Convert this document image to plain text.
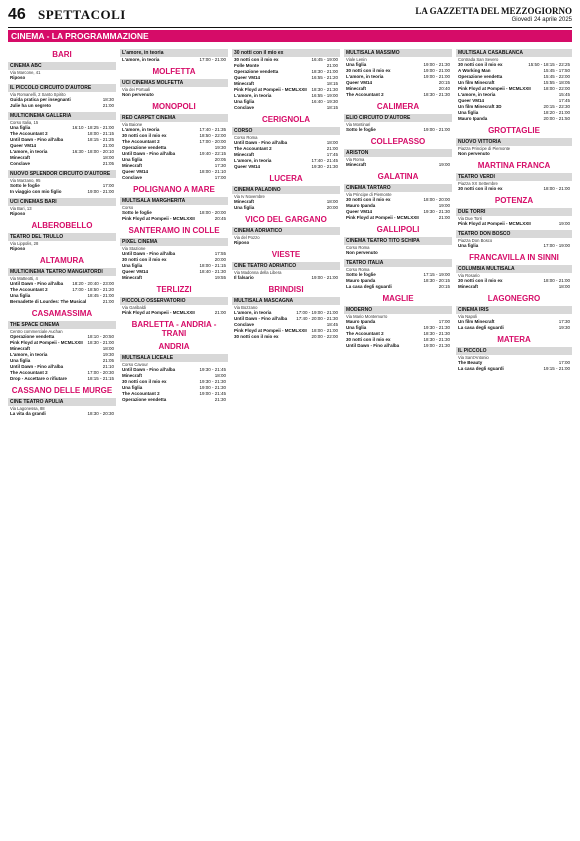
46 SPETTACOLI	LA GAZZETTA DEL MEZZOGIORNO
Giovedì 24 aprile 2025
CINEMA - LA PROGRAMMAZIONE
BARI
CINEMA ABC
Via Marcone, 41
Riposo
IL PICCOLO CIRCUITO D'AUTORE
Via Romanelli, 2 Santo Spirito
Guida pratica per insegnanti	18:30
Julie ha un segreto	21:00
MULTICINEMA GALLERIA
Corso Italia, 15
Una figlia	16:10 - 18:25 - 21:00
The Accountant 2	18:00 - 21:15
Until Dawn - Fino all'alba	18:15 - 21:25
Queer VM14	21:00
L'amore, in teoria	16:30 - 18:00 - 20:10
Minecraft	18:00
Conclave	21:05
NUOVO SPLENDOR CIRCUITO D'AUTORE
Via Marzano, 95
Sotto le foglie	17:00
In viaggio con mio figlio	19:00 - 21:00
UCI CINEMAS BARI
Via Bari, 13
Riposo
ALBEROBELLO
TEATRO DEL TRULLO
Via Lippolis, 28
Riposo
ALTAMURA
MULTICINEMA TEATRO MANGIATORDI
Via Matteotti, 4
Until Dawn - Fino all'alba 18:20 - 20:40 - 23:00
The Accountant 2	17:00 - 18:50 - 21:20
Una figlia	18:45 - 21:00
Bernadette di Lourdes: The Musical	21:00
CASAMASSIMA
THE SPACE CINEMA
Centro commerciale Auchan
Operazione vendetta	18:10 - 20:50
Pink Floyd at Pompeii - MCMLXXII 18:30 - 21:00
Minecraft	18:00
L'amore, in teoria	19:30
Una figlia	21:05
Until Dawn - Fino all'alba	21:10
The Accountant 2	17:00 - 20:30
Drop - Accettare o rifiutare	18:15 - 21:15
CASSANO DELLE MURGE
CINE TEATRO APULIA
Via Lagonessa, 88
La vita da grandi	18:30 - 20:30
L'amore, in teoria
L'amore, in teoria	17:00 - 21:00
MOLFETTA
UCI CINEMAS MOLFETTA
Via dei Portuali
Non pervenuto
MONOPOLI
RED CARPET CINEMA
Via Baione
L'amore, in teoria	17:40 - 21:35
30 notti con il mio ex	18:50 - 22:00
The Accountant 2	17:00 - 20:00
Operazione vendetta	19:30
Until Dawn - Fino all'alba	19:40 - 22:15
Una figlia	20:05
Minecraft	17:30
Queer VM14	18:00 - 21:10
Conclave	17:00
POLIGNANO A MARE
MULTISALA MARGHERITA
Corso
Sotto le foglie	18:00 - 20:00
Pink Floyd at Pompeii - MCMLXXII	20:45
SANTERAMO IN COLLE
PIXEL CINEMA
Via Stazione
Until Dawn - Fino all'alba	17:55
30 notti con il mio ex	20:00
Una figlia	18:00 - 21:15
Queer VM14	18:40 - 21:30
Minecraft	19:55
TERLIZZI
PICCOLO OSSERVATORIO
Via Garibaldi
Pink Floyd at Pompeii - MCMLXXII	21:00
BARLETTA - ANDRIA - TRANI
ANDRIA
MULTISALA LICEALE
Corso Cavour
Until Dawn - Fino all'alba	19:30 - 21:45
Minecraft	18:00
30 notti con il mio ex	19:30 - 21:30
Una figlia	19:00 - 21:30
The Accountant 2	19:00 - 21:45
Operazione vendetta	21:30
30 notti con il mio ex
30 notti con il mio ex	16:45 - 19:00
Folle Monte	21:00
Operazione vendetta	18:30 - 21:00
Queer VM14	16:55 - 21:20
Minecraft	18:15
Pink Floyd at Pompeii - MCMLXXII 18:30 - 21:30
L'amore, in teoria	16:55 - 19:00
Una figlia	16:40 - 19:30
Conclave	18:15
CERIGNOLA
CORSO
Corso Roma
Until Dawn - Fino all'alba	18:00
The Accountant 2	21:00
Minecraft	17:45
L'amore, in teoria	17:40 - 21:45
Queer VM14	19:30 - 21:30
LUCERA
CINEMA PALADINO
Via Iv Novembre
Minecraft	18:00
Una figlia	20:00
VICO DEL GARGANO
CINEMA ADRIATICO
Via del Pozzo
Riposo
VIESTE
CINE TEATRO ADRIATICO
Via Madonna della Libera
Il falsario	19:00 - 21:00
BRINDISI
MULTISALA MASCAGNA
Via Bozzano
L'amore, in teoria	17:00 - 19:00 - 21:00
Until Dawn - Fino all'alba 17:40 - 20:00 - 21:30
Conclave	18:45
Pink Floyd at Pompeii - MCMLXXII 18:00 - 21:00
30 notti con il mio ex	20:00 - 22:00
MULTISALA MASSIMO
Viale Lenin
Una figlia	19:00 - 21:30
30 notti con il mio ex	19:00 - 21:00
L'amore, in teoria	19:00 - 21:00
Queer VM14	20:15
Minecraft	20:40
The Accountant 2	18:30 - 21:30
CALIMERA
ELIO CIRCUITO D'AUTORE
Via Montinari
Sotto le foglie	19:00 - 21:00
COLLEPASSO
ARISTON
Via Roma
Minecraft	19:00
GALATINA
CINEMA TARTARO
Via Principe di Piemonte
30 notti con il mio ex	18:00 - 20:00
Mauro Ipanda	19:00
Queer VM14	19:30 - 21:30
Pink Floyd at Pompeii - MCMLXXII	21:00
GALLIPOLI
CINEMA TEATRO TITO SCHIPA
Corso Roma
Non pervenuto
TEATRO ITALIA
Corso Roma
Sotto le foglie	17:15 - 19:00
Mauro Ipanda	18:30 - 20:15
La casa degli sguardi	20:15
MAGLIE
MODERNO
Via Mario Montemurro
Mauro Ipanda	17:00
Una figlia	19:30 - 21:30
The Accountant 2	18:30 - 21:30
30 notti con il mio ex	18:30 - 21:30
Until Dawn - Fino all'alba	19:00 - 21:30
MULTISALA CASABLANCA
Contrada San Severo
30 notti con il mio ex	15:50 - 18:15 - 22:25
A Working Man	15:45 - 17:50
Operazione vendetta	15:45 - 22:00
Un film Minecraft	15:55 - 18:05
Pink Floyd at Pompeii - MCMLXXII	18:00 - 22:00
L'amore, in teoria	15:45
Queer VM14	17:45
Un film Minecraft 3D	20:15 - 22:30
Una figlia	18:20 - 21:00
Mauro Ipanda	20:00 - 21:50
GROTTAGLIE
NUOVO VITTORIA
Piazza Principe di Piemonte
Non pervenuto
MARTINA FRANCA
TEATRO VERDI
Piazza XX Settembre
30 notti con il mio ex	18:00 - 21:00
POTENZA
DUE TORRI
Via Due Torri
Pink Floyd at Pompeii - MCMLXXII	19:00
TEATRO DON BOSCO
Piazza Don Bosco
Una figlia	17:00 - 19:00
FRANCAVILLA IN SINNI
COLUMBIA MULTISALA
Via Rosario
30 notti con il mio ex	18:00 - 21:00
Minecraft	18:00
LAGONEGRO
CINEMA IRIS
Via Napoli
Un film Minecraft	17:30
La casa degli sguardi	19:30
MATERA
IL PICCOLO
Via Sant'Antonio
The Beauty	17:00
La casa degli sguardi	19:15 - 21:00
